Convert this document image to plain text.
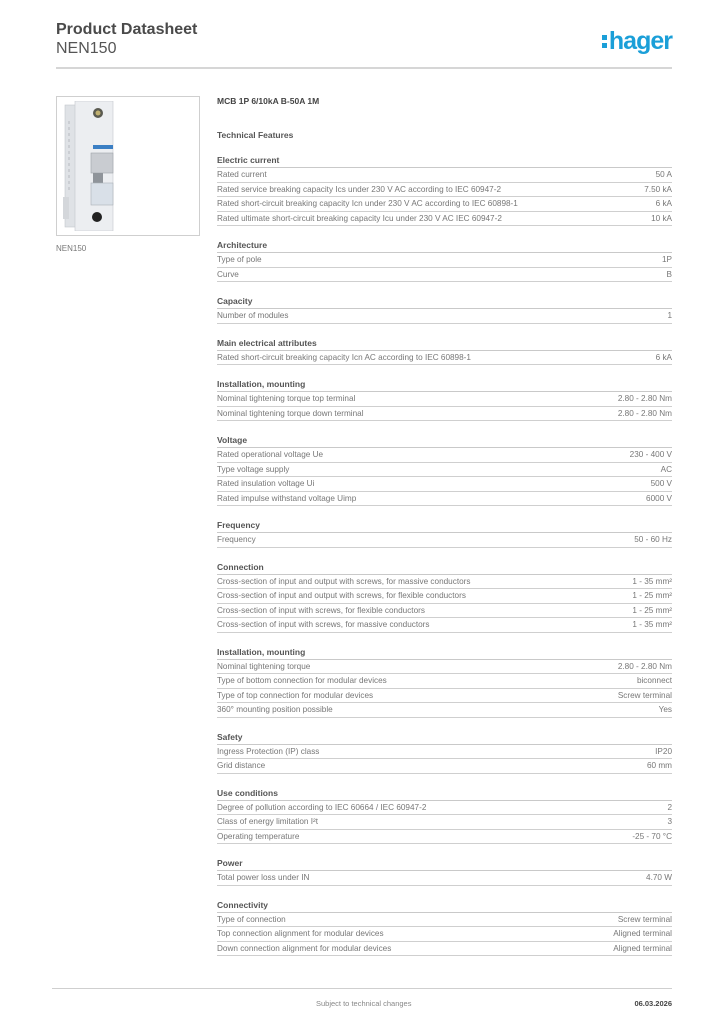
Product Datasheet
NEN150	hager
NEN150
MCB 1P 6/10kA B-50A 1M
Technical Features
Electric current
Rated current	50 A
Rated service breaking capacity Ics under 230 V AC according to IEC 60947-2	7.50 kA
Rated short-circuit breaking capacity Icn under 230 V AC according to IEC 60898-1	6 kA
Rated ultimate short-circuit breaking capacity Icu under 230 V AC IEC 60947-2	10 kA
Architecture
Type of pole	1P
Curve	B
Capacity
Number of modules	1
Main electrical attributes
Rated short-circuit breaking capacity Icn AC according to IEC 60898-1	6 kA
Installation, mounting
Nominal tightening torque top terminal	2.80 - 2.80 Nm
Nominal tightening torque down terminal	2.80 - 2.80 Nm
Voltage
Rated operational voltage Ue	230 - 400 V
Type voltage supply	AC
Rated insulation voltage Ui	500 V
Rated impulse withstand voltage Uimp	6000 V
Frequency
Frequency	50 - 60 Hz
Connection
Cross-section of input and output with screws, for massive conductors	1 - 35 mm²
Cross-section of input and output with screws, for flexible conductors	1 - 25 mm²
Cross-section of input with screws, for flexible conductors	1 - 25 mm²
Cross-section of input with screws, for massive conductors	1 - 35 mm²
Installation, mounting
Nominal tightening torque	2.80 - 2.80 Nm
Type of bottom connection for modular devices	biconnect
Type of top connection for modular devices	Screw terminal
360° mounting position possible	Yes
Safety
Ingress Protection (IP) class	IP20
Grid distance	60 mm
Use conditions
Degree of pollution according to IEC 60664 / IEC 60947-2	2
Class of energy limitation I²t	3
Operating temperature	-25 - 70 °C
Power
Total power loss under IN	4.70 W
Connectivity
Type of connection	Screw terminal
Top connection alignment for modular devices	Aligned terminal
Down connection alignment for modular devices	Aligned terminal
Subject to technical changes	06.03.2026
